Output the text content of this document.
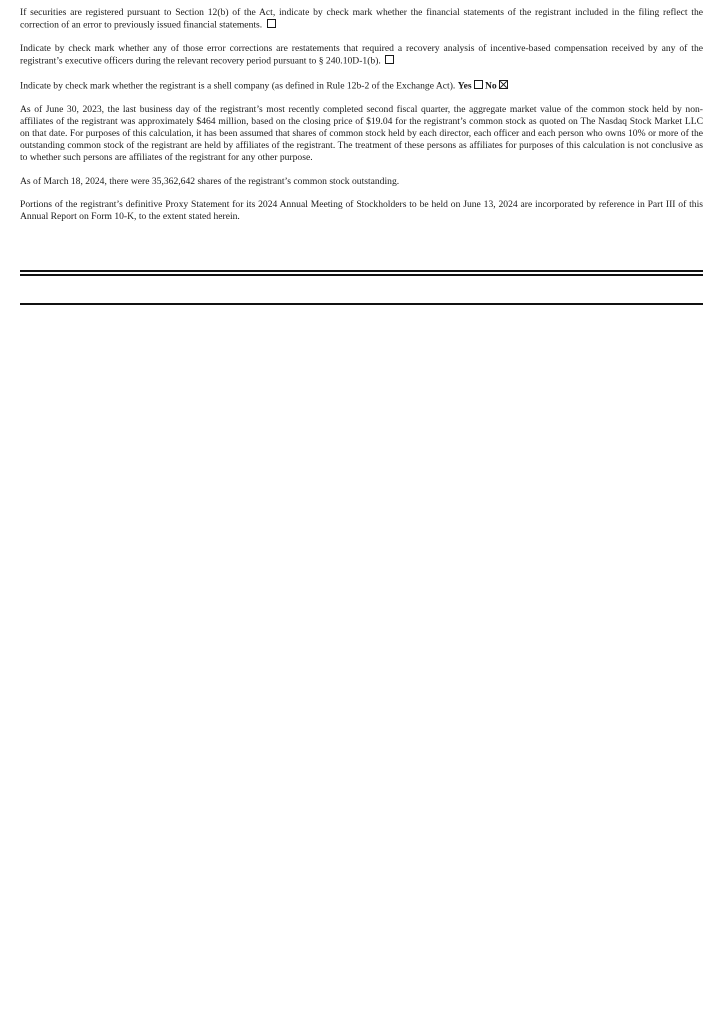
If securities are registered pursuant to Section 12(b) of the Act, indicate by check mark whether the financial statements of the registrant included in the filing reflect the correction of an error to previously issued financial statements.

Indicate by check mark whether any of those error corrections are restatements that required a recovery analysis of incentive-based compensation received by any of the registrant’s executive officers during the relevant recovery period pursuant to § 240.10D-1(b).

Indicate by check mark whether the registrant is a shell company (as defined in Rule 12b-2 of the Exchange Act). Yes No

As of June 30, 2023, the last business day of the registrant’s most recently completed second fiscal quarter, the aggregate market value of the common stock held by non-affiliates of the registrant was approximately $464 million, based on the closing price of $19.04 for the registrant’s common stock as quoted on The Nasdaq Stock Market LLC on that date. For purposes of this calculation, it has been assumed that shares of common stock held by each director, each officer and each person who owns 10% or more of the outstanding common stock of the registrant are held by affiliates of the registrant. The treatment of these persons as affiliates for purposes of this calculation is not conclusive as to whether such persons are affiliates of the registrant for any other purpose.

As of March 18, 2024, there were 35,362,642 shares of the registrant’s common stock outstanding.

Portions of the registrant’s definitive Proxy Statement for its 2024 Annual Meeting of Stockholders to be held on June 13, 2024 are incorporated by reference in Part III of this Annual Report on Form 10-K, to the extent stated herein.
